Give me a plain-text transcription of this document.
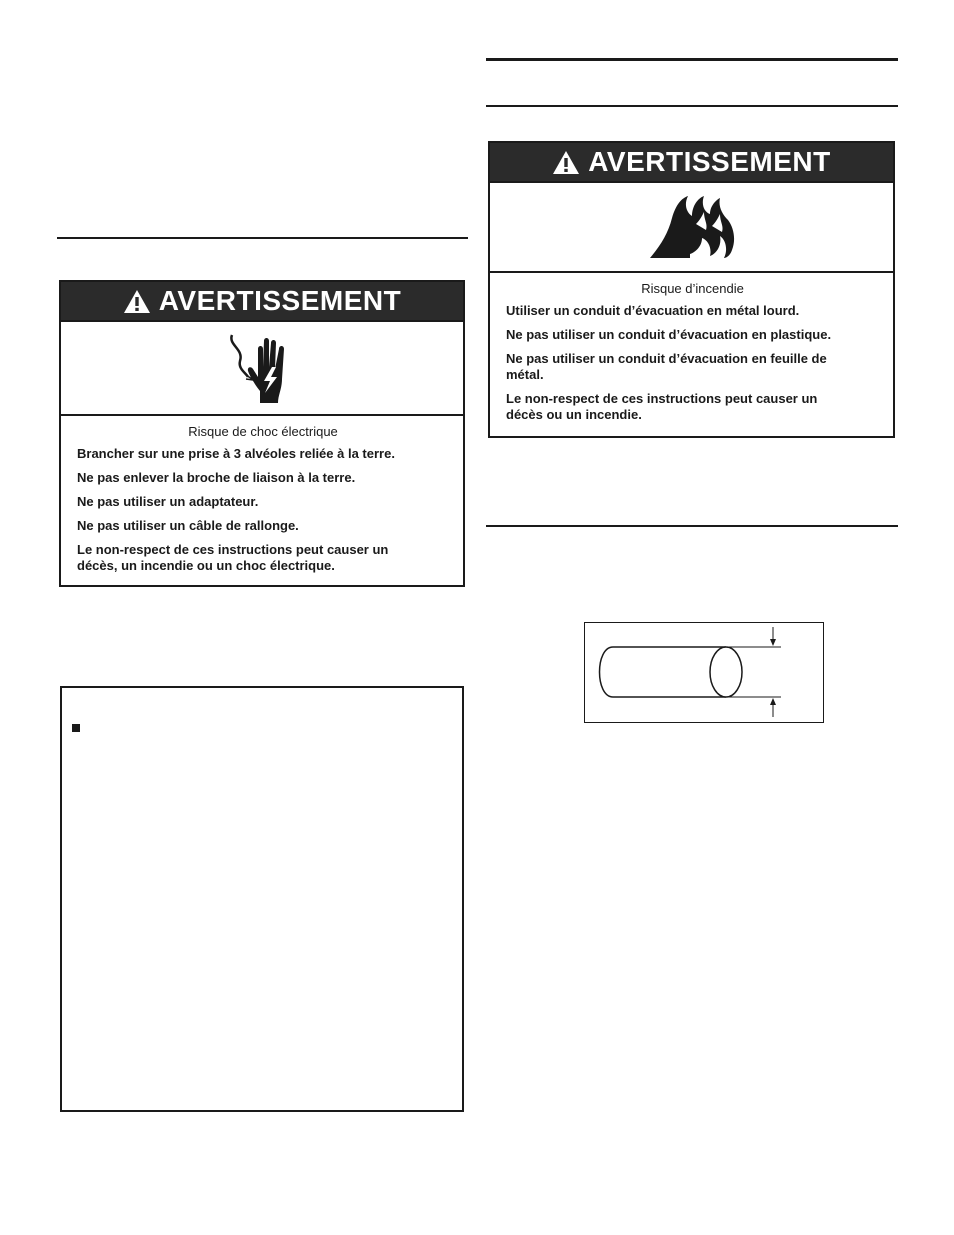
AVERTISSEMENT

Risque de choc électrique

Brancher sur une prise à 3 alvéoles reliée à la terre.

Ne pas enlever la broche de liaison à la terre.

Ne pas utiliser un adaptateur.

Ne pas utiliser un câble de rallonge.

Le non-respect de ces instructions peut causer un décès, un incendie ou un choc électrique.

AVERTISSEMENT

Risque d’incendie

Utiliser un conduit d’évacuation en métal lourd.

Ne pas utiliser un conduit d’évacuation en plastique.

Ne pas utiliser un conduit d’évacuation en feuille de métal.

Le non-respect de ces instructions peut causer un décès ou un incendie.
